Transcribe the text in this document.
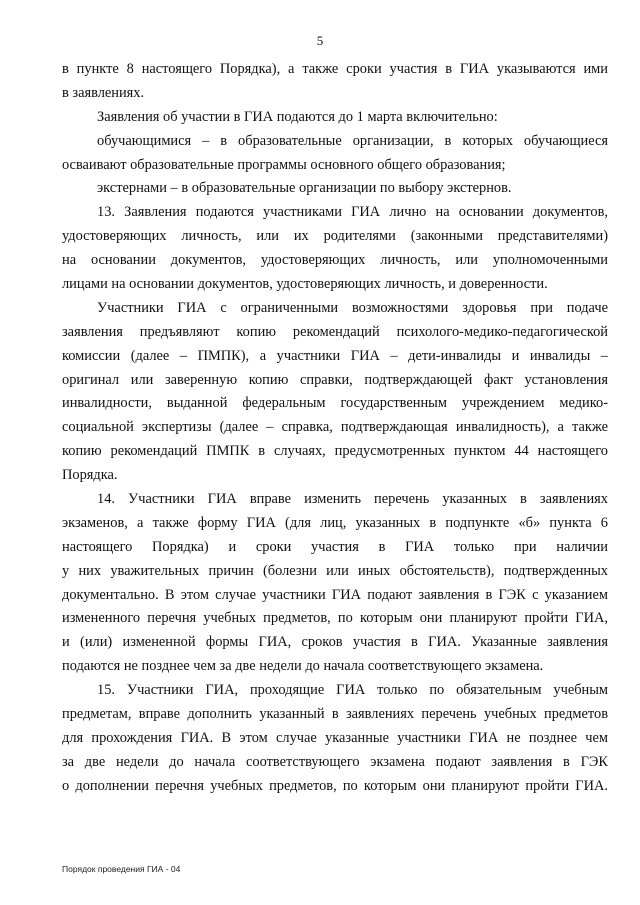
5
в пункте 8 настоящего Порядка), а также сроки участия в ГИА указываются ими
в заявлениях.
Заявления об участии в ГИА подаются до 1 марта включительно:
обучающимися – в образовательные организации, в которых обучающиеся
осваивают образовательные программы основного общего образования;
экстернами – в образовательные организации по выбору экстернов.
13. Заявления подаются участниками ГИА лично на основании документов,
удостоверяющих личность, или их родителями (законными представителями)
на основании документов, удостоверяющих личность, или уполномоченными
лицами на основании документов, удостоверяющих личность, и доверенности.
Участники ГИА с ограниченными возможностями здоровья при подаче
заявления предъявляют копию рекомендаций психолого-медико-педагогической
комиссии (далее – ПМПК), а участники ГИА – дети-инвалиды и инвалиды –
оригинал или заверенную копию справки, подтверждающей факт установления
инвалидности, выданной федеральным государственным учреждением медико-
социальной экспертизы (далее – справка, подтверждающая инвалидность), а также
копию рекомендаций ПМПК в случаях, предусмотренных пунктом 44 настоящего
Порядка.
14. Участники ГИА вправе изменить перечень указанных в заявлениях
экзаменов, а также форму ГИА (для лиц, указанных в подпункте «б» пункта 6
настоящего Порядка) и сроки участия в ГИА только при наличии
у них уважительных причин (болезни или иных обстоятельств), подтвержденных
документально. В этом случае участники ГИА подают заявления в ГЭК с указанием
измененного перечня учебных предметов, по которым они планируют пройти ГИА,
и (или) измененной формы ГИА, сроков участия в ГИА. Указанные заявления
подаются не позднее чем за две недели до начала соответствующего экзамена.
15. Участники ГИА, проходящие ГИА только по обязательным учебным
предметам, вправе дополнить указанный в заявлениях перечень учебных предметов
для прохождения ГИА. В этом случае указанные участники ГИА не позднее чем
за две недели до начала соответствующего экзамена подают заявления в ГЭК
о дополнении перечня учебных предметов, по которым они планируют пройти ГИА.
Порядок проведения ГИА - 04
